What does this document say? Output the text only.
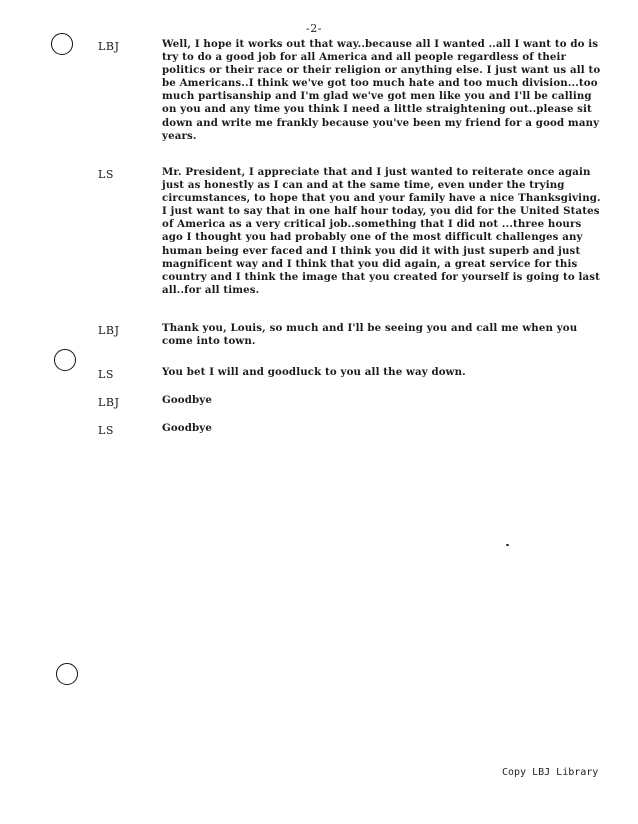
-2-
LBJ	Well, I hope it works out that way..because all I wanted ..all I want to do is try to do a good job for all America and all people regardless of their politics or their race or their religion or anything else. I just want us all to be Americans..I think we've got too much hate and too much division...too much partisanship and I'm glad we've got men like you and I'll be calling on you and any time you think I need a little straightening out..please sit down and write me frankly because you've been my friend for a good many years.
LS	Mr. President, I appreciate that and I just wanted to reiterate once again just as honestly as I can and at the same time, even under the trying circumstances, to hope that you and your family have a nice Thanksgiving. I just want to say that in one half hour today, you did for the United States of America as a very critical job..something that I did not ...three hours ago I thought you had probably one of the most difficult challenges any human being ever faced and I think you did it with just superb and just magnificent way and I think that you did again, a great service for this country and I think the image that you created for yourself is going to last all..for all times.
LBJ	Thank you, Louis, so much and I'll be seeing you and call me when you come into town.
LS	You bet I will and goodluck to you all the way down.
LBJ	Goodbye
LS	Goodbye
Copy LBJ Library
